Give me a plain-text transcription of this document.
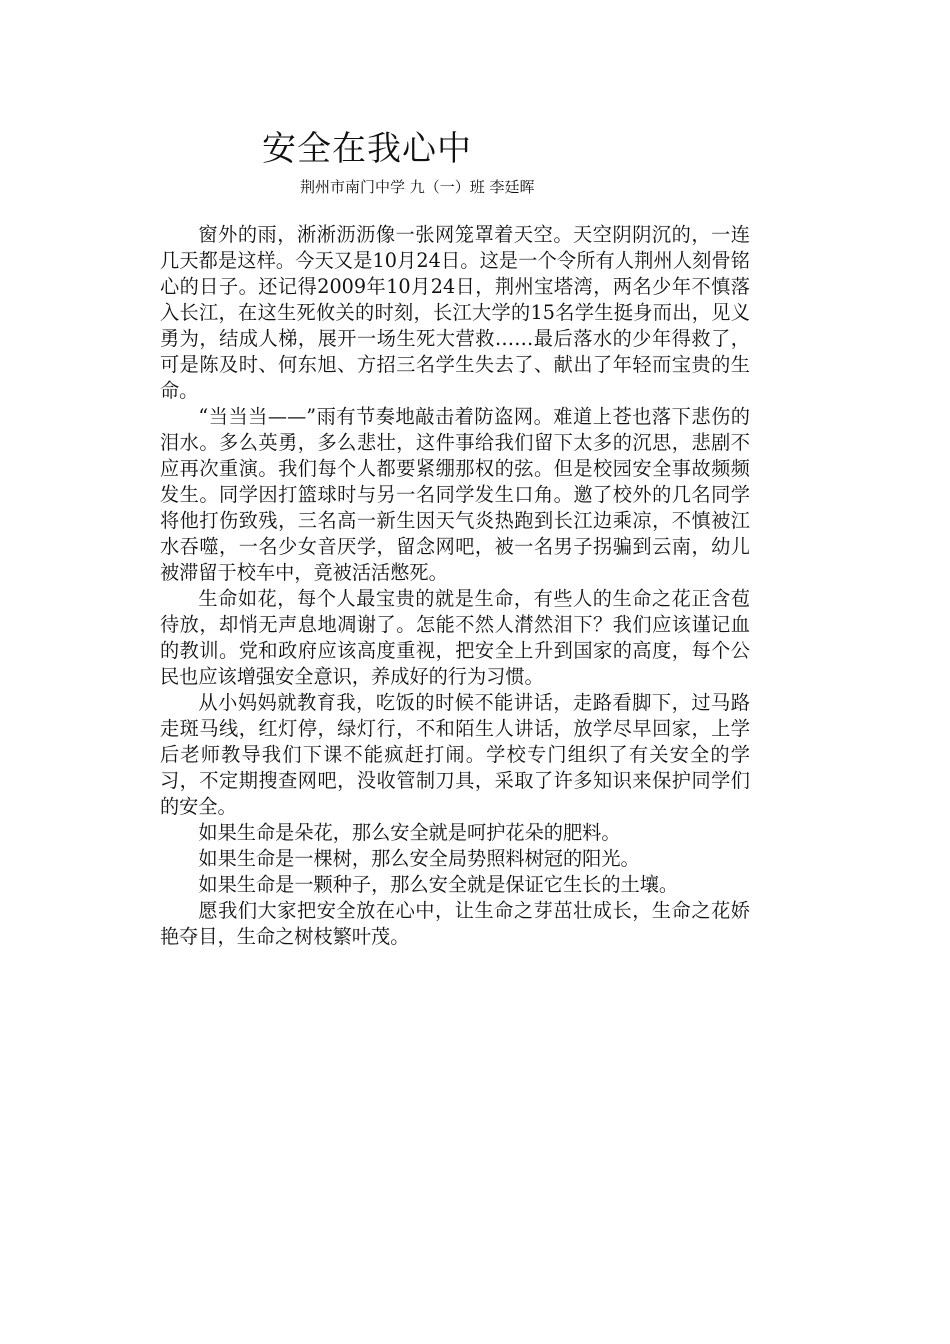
安全在我心中
荆州市南门中学 九（一）班 李廷晖

窗外的雨，淅淅沥沥像一张网笼罩着天空。天空阴阴沉的，一连几天都是这样。今天又是10月24日。这是一个令所有人荆州人刻骨铭心的日子。还记得2009年10月24日，荆州宝塔湾，两名少年不慎落入长江，在这生死攸关的时刻，长江大学的15名学生挺身而出，见义勇为，结成人梯，展开一场生死大营救……最后落水的少年得救了，可是陈及时、何东旭、方招三名学生失去了、献出了年轻而宝贵的生命。

“当当当——”雨有节奏地敲击着防盗网。难道上苍也落下悲伤的泪水。多么英勇，多么悲壮，这件事给我们留下太多的沉思，悲剧不应再次重演。我们每个人都要紧绷那权的弦。但是校园安全事故频频发生。同学因打篮球时与另一名同学发生口角。邀了校外的几名同学将他打伤致残，三名高一新生因天气炎热跑到长江边乘凉，不慎被江水吞噬，一名少女音厌学，留念网吧，被一名男子拐骗到云南，幼儿被滞留于校车中，竟被活活憋死。

生命如花，每个人最宝贵的就是生命，有些人的生命之花正含苞待放，却悄无声息地凋谢了。怎能不然人潸然泪下？我们应该谨记血的教训。党和政府应该高度重视，把安全上升到国家的高度，每个公民也应该增强安全意识，养成好的行为习惯。

从小妈妈就教育我，吃饭的时候不能讲话，走路看脚下，过马路走斑马线，红灯停，绿灯行，不和陌生人讲话，放学尽早回家，上学后老师教导我们下课不能疯赶打闹。学校专门组织了有关安全的学习，不定期搜查网吧，没收管制刀具，采取了许多知识来保护同学们的安全。

如果生命是朵花，那么安全就是呵护花朵的肥料。

如果生命是一棵树，那么安全局势照料树冠的阳光。

如果生命是一颗种子，那么安全就是保证它生长的土壤。

愿我们大家把安全放在心中，让生命之芽茁壮成长，生命之花娇艳夺目，生命之树枝繁叶茂。
